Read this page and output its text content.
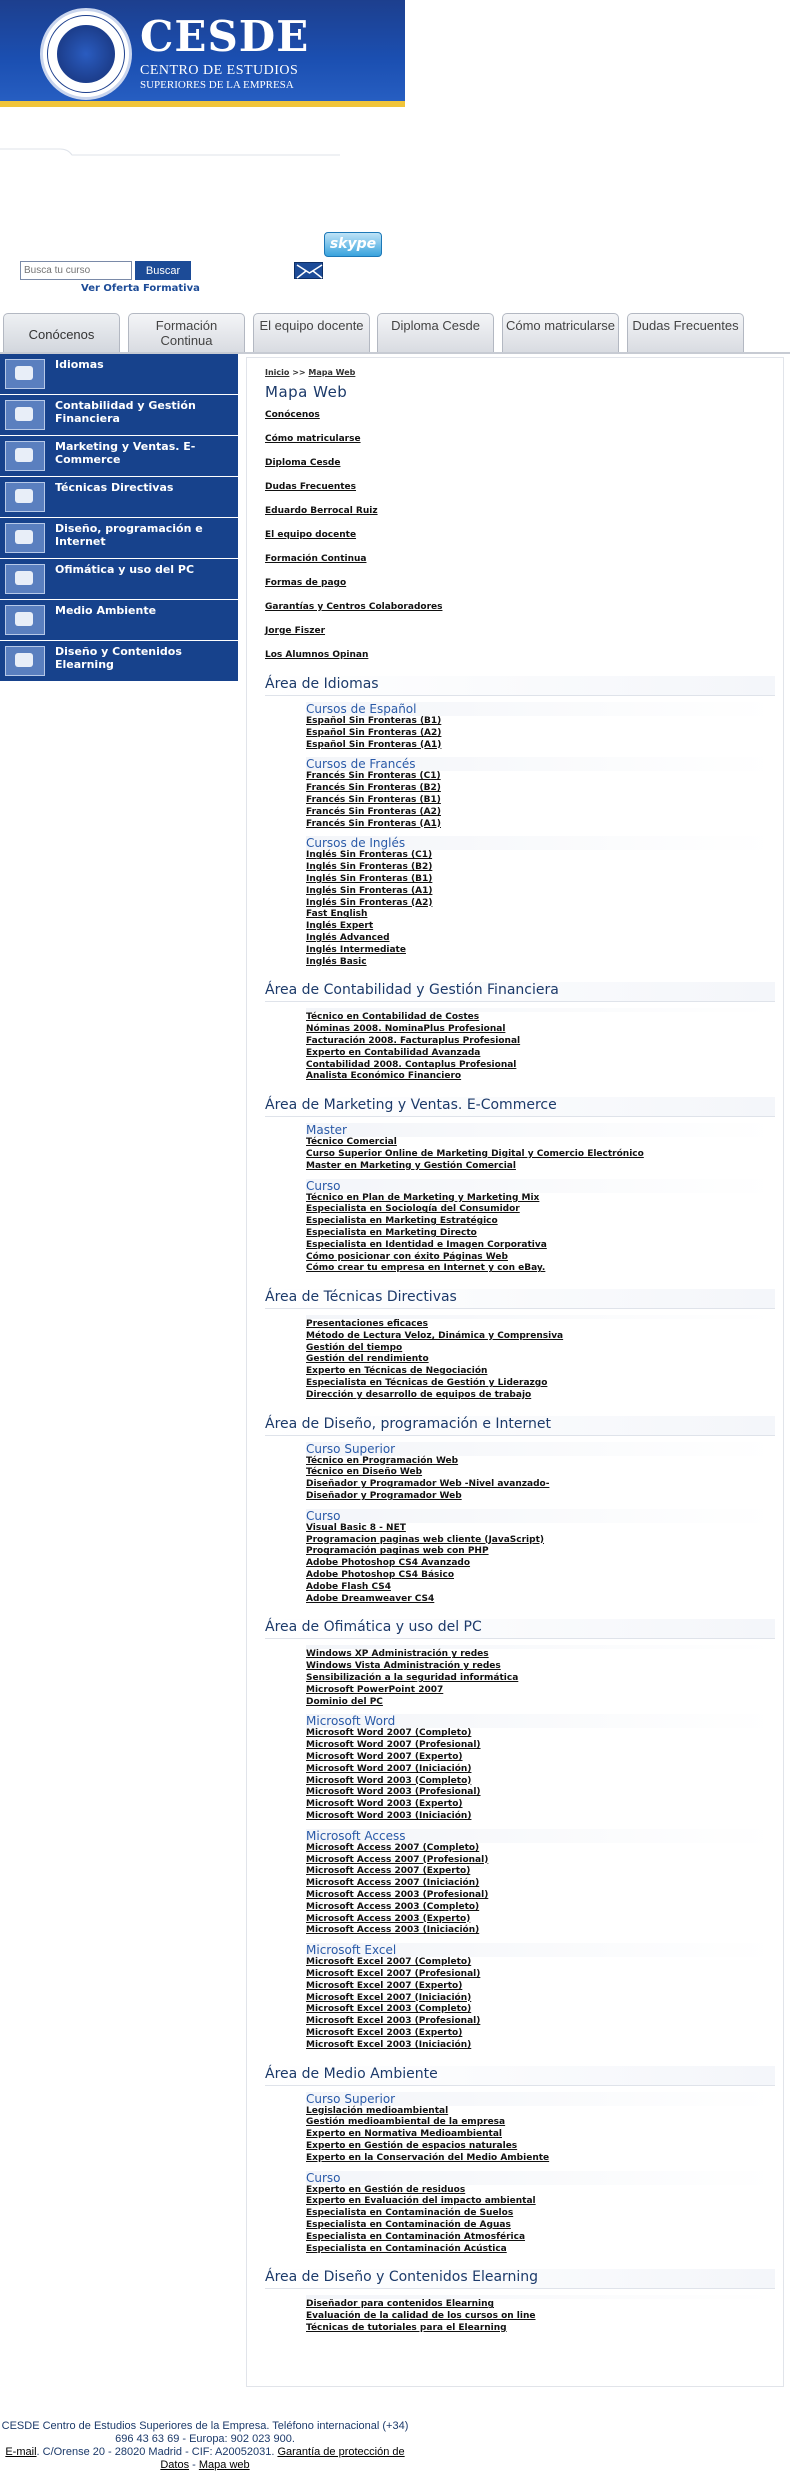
CESDE
CENTRO DE ESTUDIOS
SUPERIORES DE LA EMPRESA
Busca tu curso
Buscar
Ver Oferta Formativa
skype
Conócenos
Formación Continua
El equipo docente	Diploma Cesde	Cómo matricularse	Dudas Frecuentes
Idiomas
Contabilidad y Gestión Financiera
Marketing y Ventas. E-Commerce
Técnicas Directivas
Diseño, programación e Internet
Ofimática y uso del PC
Medio Ambiente
Diseño y Contenidos Elearning
Inicio >> Mapa Web
Mapa Web
Conócenos
Cómo matricularse
Diploma Cesde
Dudas Frecuentes
Eduardo Berrocal Ruiz
El equipo docente
Formación Continua
Formas de pago
Garantías y Centros Colaboradores
Jorge Fiszer
Los Alumnos Opinan
Área de Idiomas
Cursos de Español
Español Sin Fronteras (B1)
Español Sin Fronteras (A2)
Español Sin Fronteras (A1)
Cursos de Francés
Francés Sin Fronteras (C1)
Francés Sin Fronteras (B2)
Francés Sin Fronteras (B1)
Francés Sin Fronteras (A2)
Francés Sin Fronteras (A1)
Cursos de Inglés
Inglés Sin Fronteras (C1)
Inglés Sin Fronteras (B2)
Inglés Sin Fronteras (B1)
Inglés Sin Fronteras (A1)
Inglés Sin Fronteras (A2)
Fast English
Inglés Expert
Inglés Advanced
Inglés Intermediate
Inglés Basic
Área de Contabilidad y Gestión Financiera
Técnico en Contabilidad de Costes
Nóminas 2008. NominaPlus Profesional
Facturación 2008. Facturaplus Profesional
Experto en Contabilidad Avanzada
Contabilidad 2008. Contaplus Profesional
Analista Económico Financiero
Área de Marketing y Ventas. E-Commerce
Master
Técnico Comercial
Curso Superior Online de Marketing Digital y Comercio Electrónico
Master en Marketing y Gestión Comercial
Curso
Técnico en Plan de Marketing y Marketing Mix
Especialista en Sociología del Consumidor
Especialista en Marketing Estratégico
Especialista en Marketing Directo
Especialista en Identidad e Imagen Corporativa
Cómo posicionar con éxito Páginas Web
Cómo crear tu empresa en Internet y con eBay.
Área de Técnicas Directivas
Presentaciones eficaces
Método de Lectura Veloz, Dinámica y Comprensiva
Gestión del tiempo
Gestión del rendimiento
Experto en Técnicas de Negociación
Especialista en Técnicas de Gestión y Liderazgo
Dirección y desarrollo de equipos de trabajo
Área de Diseño, programación e Internet
Curso Superior
Técnico en Programación Web
Técnico en Diseño Web
Diseñador y Programador Web -Nivel avanzado-
Diseñador y Programador Web
Curso
Visual Basic 8 - NET
Programacion paginas web cliente (JavaScript)
Programación paginas web con PHP
Adobe Photoshop CS4 Avanzado
Adobe Photoshop CS4 Básico
Adobe Flash CS4
Adobe Dreamweaver CS4
Área de Ofimática y uso del PC
Windows XP Administración y redes
Windows Vista Administración y redes
Sensibilización a la seguridad informática
Microsoft PowerPoint 2007
Dominio del PC
Microsoft Word
Microsoft Word 2007 (Completo)
Microsoft Word 2007 (Profesional)
Microsoft Word 2007 (Experto)
Microsoft Word 2007 (Iniciación)
Microsoft Word 2003 (Completo)
Microsoft Word 2003 (Profesional)
Microsoft Word 2003 (Experto)
Microsoft Word 2003 (Iniciación)
Microsoft Access
Microsoft Access 2007 (Completo)
Microsoft Access 2007 (Profesional)
Microsoft Access 2007 (Experto)
Microsoft Access 2007 (Iniciación)
Microsoft Access 2003 (Profesional)
Microsoft Access 2003 (Completo)
Microsoft Access 2003 (Experto)
Microsoft Access 2003 (Iniciación)
Microsoft Excel
Microsoft Excel 2007 (Completo)
Microsoft Excel 2007 (Profesional)
Microsoft Excel 2007 (Experto)
Microsoft Excel 2007 (Iniciación)
Microsoft Excel 2003 (Completo)
Microsoft Excel 2003 (Profesional)
Microsoft Excel 2003 (Experto)
Microsoft Excel 2003 (Iniciación)
Área de Medio Ambiente
Curso Superior
Legislación medioambiental
Gestión medioambiental de la empresa
Experto en Normativa Medioambiental
Experto en Gestión de espacios naturales
Experto en la Conservación del Medio Ambiente
Curso
Experto en Gestión de residuos
Experto en Evaluación del impacto ambiental
Especialista en Contaminación de Suelos
Especialista en Contaminación de Aguas
Especialista en Contaminación Atmosférica
Especialista en Contaminación Acústica
Área de Diseño y Contenidos Elearning
Diseñador para contenidos Elearning
Evaluación de la calidad de los cursos on line
Técnicas de tutoriales para el Elearning
CESDE Centro de Estudios Superiores de la Empresa. Teléfono internacional (+34) 696 43 63 69 - Europa: 902 023 900.
E-mail. C/Orense 20 - 28020 Madrid - CIF: A20052031. Garantía de protección de Datos - Mapa web
